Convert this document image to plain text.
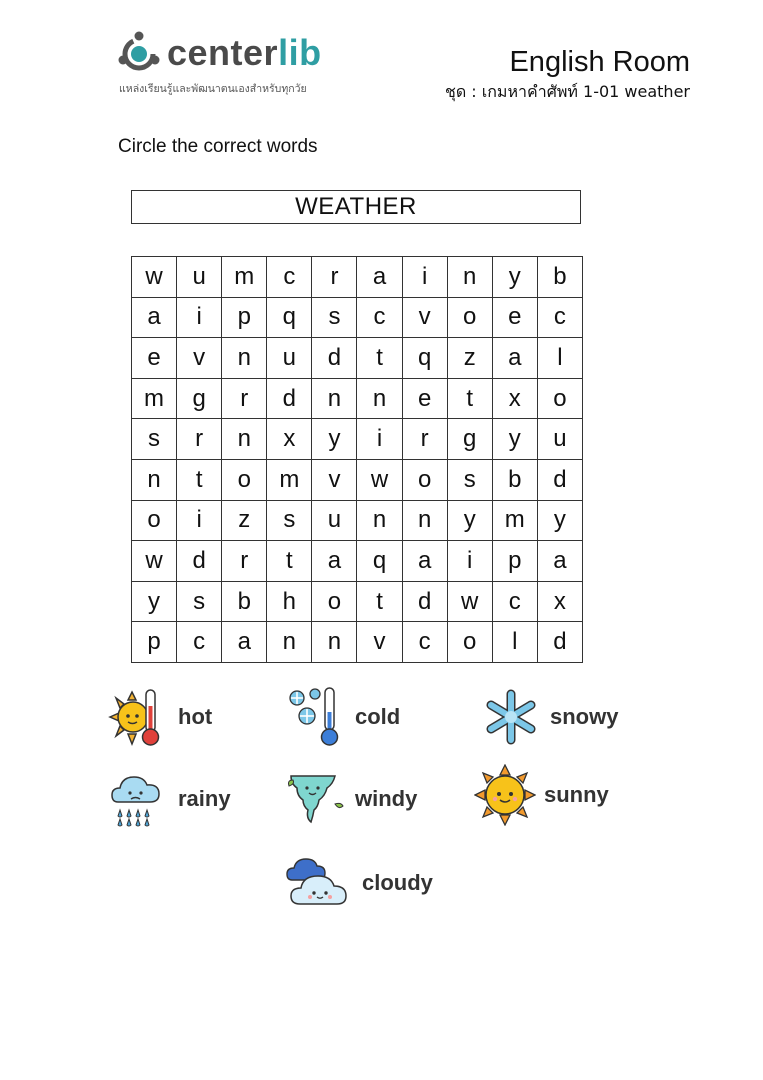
centerlib
แหล่งเรียนรู้และพัฒนาตนเองสำหรับทุกวัย
English Room
ชุด : เกมหาคำศัพท์ 1-01 weather
Circle the correct words
WEATHER
w	u	m	c	r	a	i	n	y	b
a	i	p	q	s	c	v	o	e	c
e	v	n	u	d	t	q	z	a	l
m	g	r	d	n	n	e	t	x	o
s	r	n	x	y	i	r	g	y	u
n	t	o	m	v	w	o	s	b	d
o	i	z	s	u	n	n	y	m	y
w	d	r	t	a	q	a	i	p	a
y	s	b	h	o	t	d	w	c	x
p	c	a	n	n	v	c	o	l	d
hot	cold	snowy
rainy	windy	sunny
cloudy
